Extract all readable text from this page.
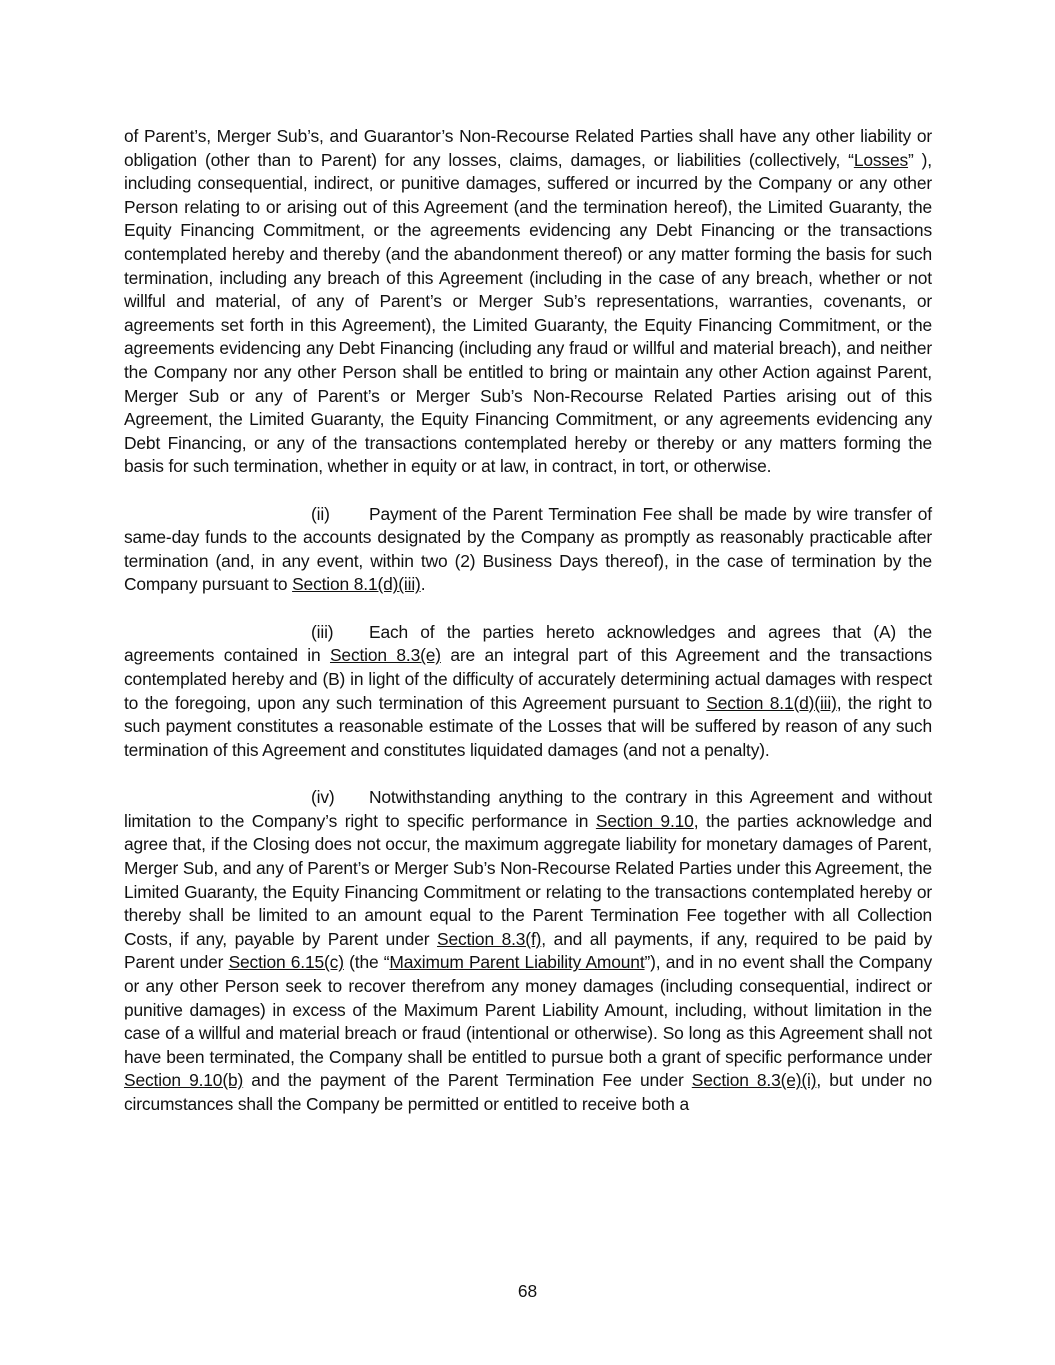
of Parent’s, Merger Sub’s, and Guarantor’s Non-Recourse Related Parties shall have any other liability or obligation (other than to Parent) for any losses, claims, damages, or liabilities (collectively, “Losses” ), including consequential, indirect, or punitive damages, suffered or incurred by the Company or any other Person relating to or arising out of this Agreement (and the termination hereof), the Limited Guaranty, the Equity Financing Commitment, or the agreements evidencing any Debt Financing or the transactions contemplated hereby and thereby (and the abandonment thereof) or any matter forming the basis for such termination, including any breach of this Agreement (including in the case of any breach, whether or not willful and material, of any of Parent’s or Merger Sub’s representations, warranties, covenants, or agreements set forth in this Agreement), the Limited Guaranty, the Equity Financing Commitment, or the agreements evidencing any Debt Financing (including any fraud or willful and material breach), and neither the Company nor any other Person shall be entitled to bring or maintain any other Action against Parent, Merger Sub or any of Parent’s or Merger Sub’s Non-Recourse Related Parties arising out of this Agreement, the Limited Guaranty, the Equity Financing Commitment, or any agreements evidencing any Debt Financing, or any of the transactions contemplated hereby or thereby or any matters forming the basis for such termination, whether in equity or at law, in contract, in tort, or otherwise.

(ii) Payment of the Parent Termination Fee shall be made by wire transfer of same-day funds to the accounts designated by the Company as promptly as reasonably practicable after termination (and, in any event, within two (2) Business Days thereof), in the case of termination by the Company pursuant to Section 8.1(d)(iii).

(iii) Each of the parties hereto acknowledges and agrees that (A) the agreements contained in Section 8.3(e) are an integral part of this Agreement and the transactions contemplated hereby and (B) in light of the difficulty of accurately determining actual damages with respect to the foregoing, upon any such termination of this Agreement pursuant to Section 8.1(d)(iii), the right to such payment constitutes a reasonable estimate of the Losses that will be suffered by reason of any such termination of this Agreement and constitutes liquidated damages (and not a penalty).

(iv) Notwithstanding anything to the contrary in this Agreement and without limitation to the Company’s right to specific performance in Section 9.10, the parties acknowledge and agree that, if the Closing does not occur, the maximum aggregate liability for monetary damages of Parent, Merger Sub, and any of Parent’s or Merger Sub’s Non-Recourse Related Parties under this Agreement, the Limited Guaranty, the Equity Financing Commitment or relating to the transactions contemplated hereby or thereby shall be limited to an amount equal to the Parent Termination Fee together with all Collection Costs, if any, payable by Parent under Section 8.3(f), and all payments, if any, required to be paid by Parent under Section 6.15(c) (the “Maximum Parent Liability Amount”), and in no event shall the Company or any other Person seek to recover therefrom any money damages (including consequential, indirect or punitive damages) in excess of the Maximum Parent Liability Amount, including, without limitation in the case of a willful and material breach or fraud (intentional or otherwise). So long as this Agreement shall not have been terminated, the Company shall be entitled to pursue both a grant of specific performance under Section 9.10(b) and the payment of the Parent Termination Fee under Section 8.3(e)(i), but under no circumstances shall the Company be permitted or entitled to receive both a

68
